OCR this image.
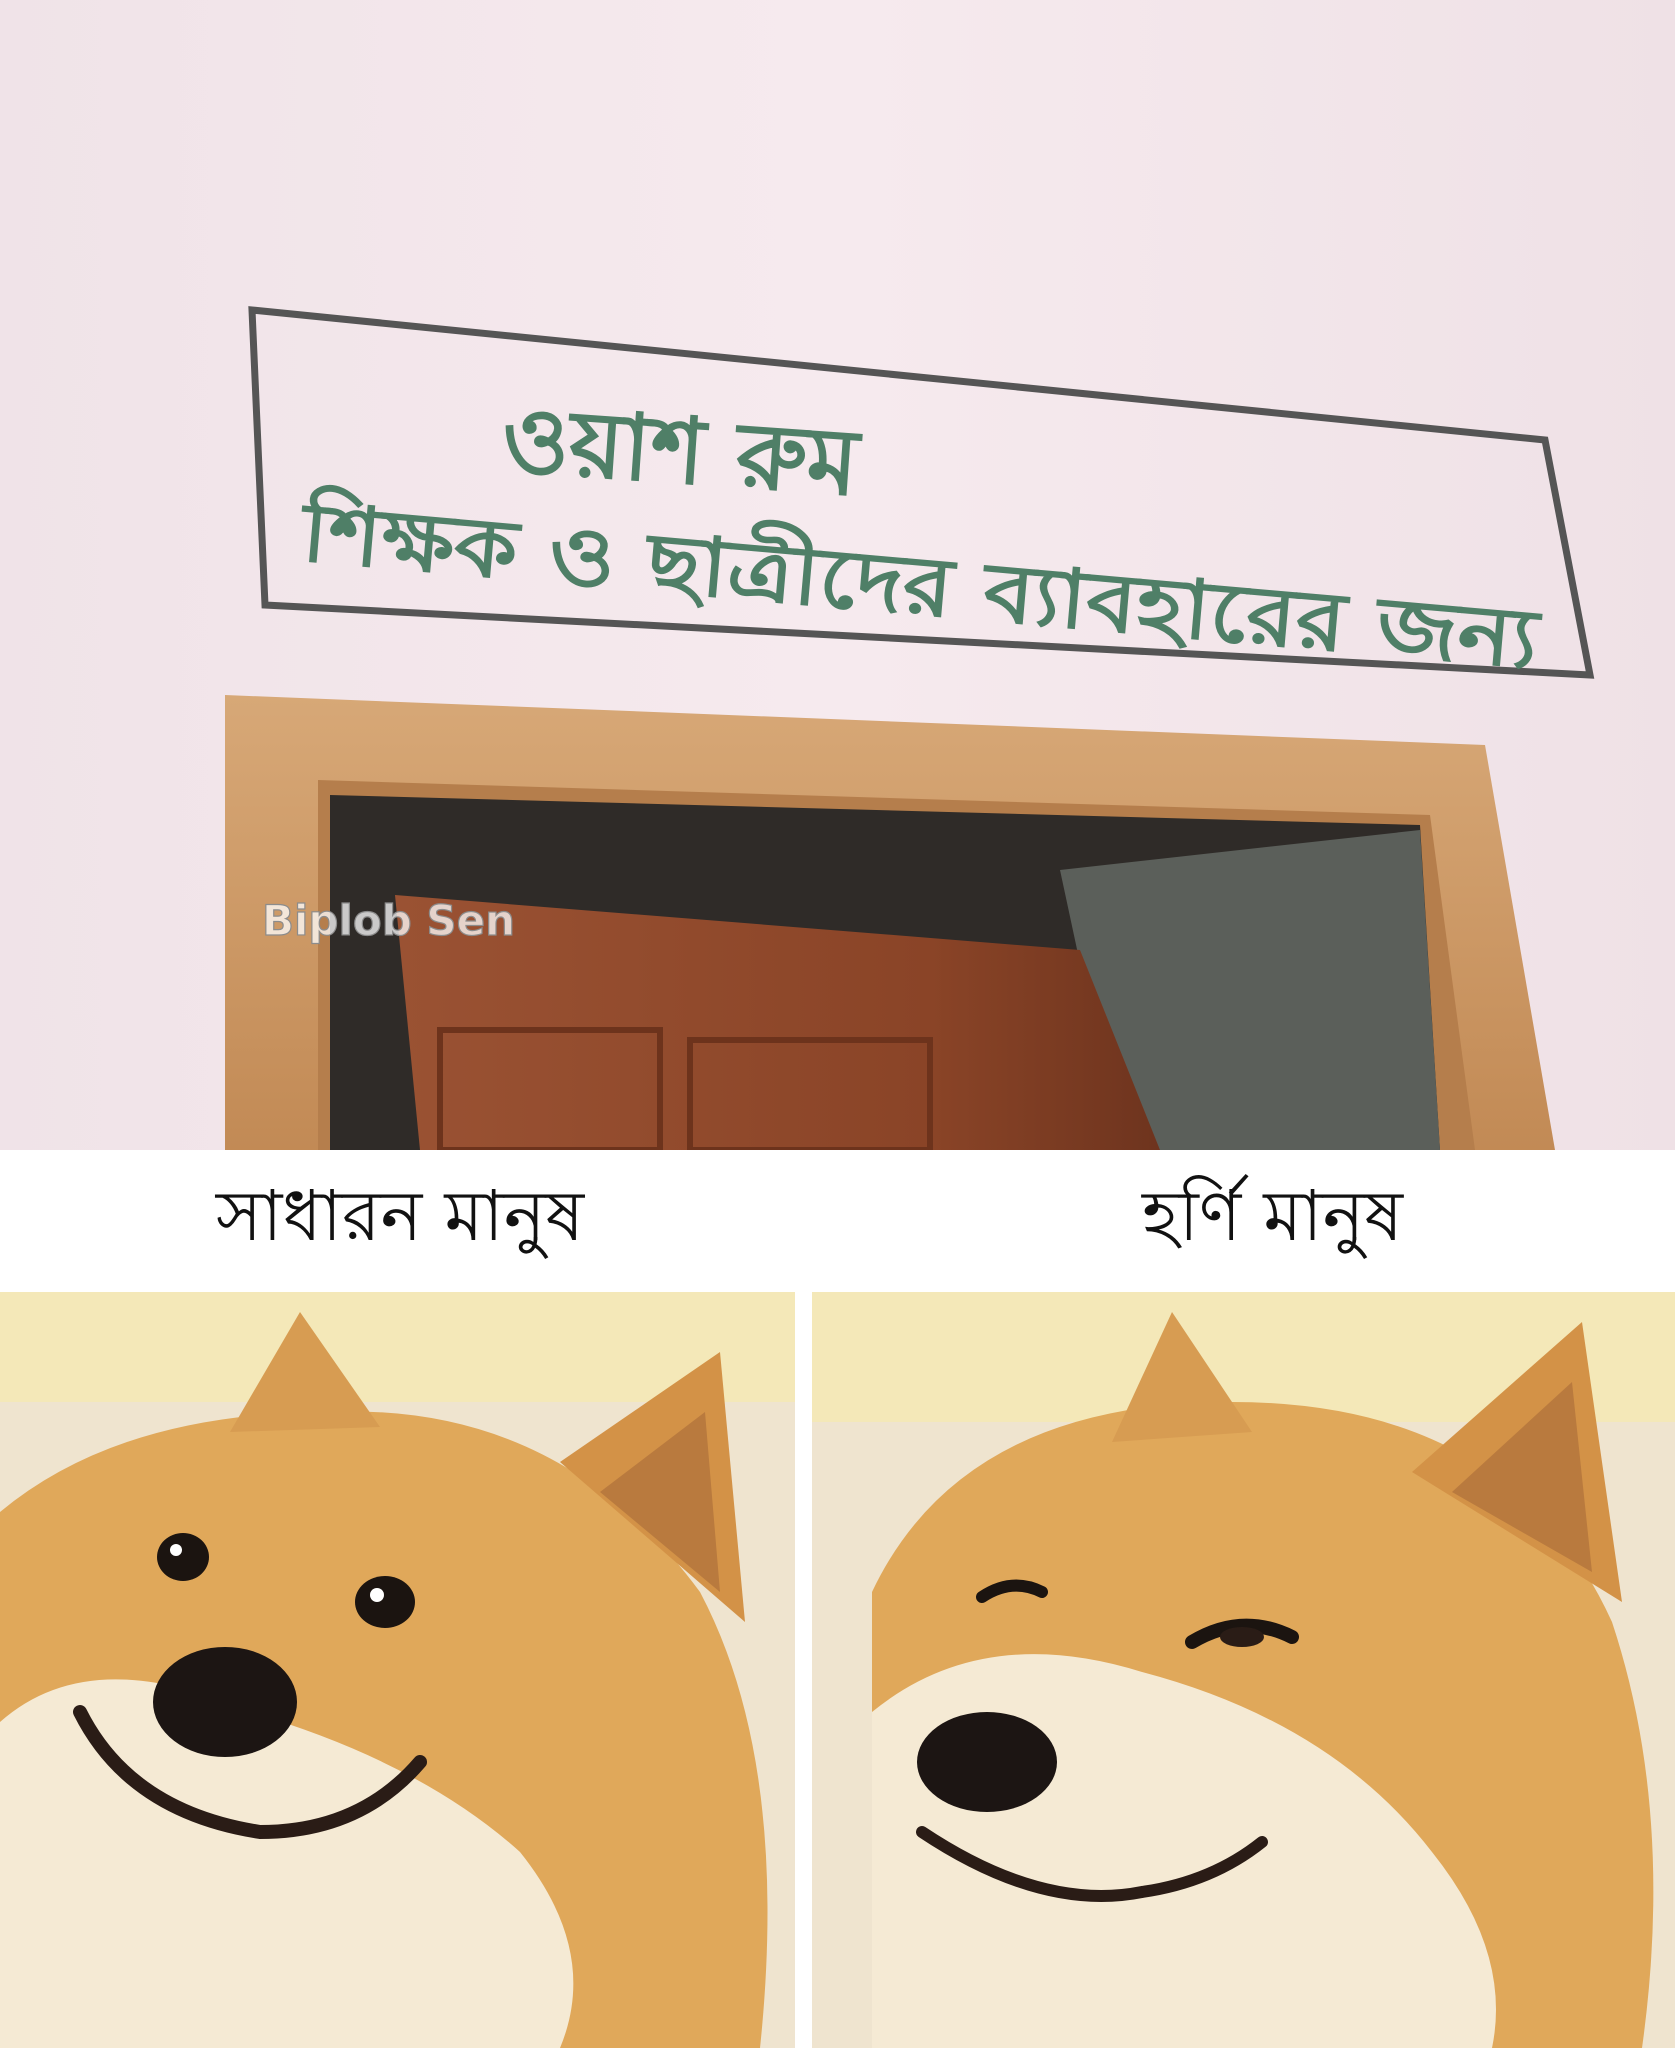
ওয়াশ রুম
শিক্ষক ও ছাত্রীদের ব্যাবহারের জন্য
Biplob Sen
সাধারন মানুষ	হর্ণি মানুষ
